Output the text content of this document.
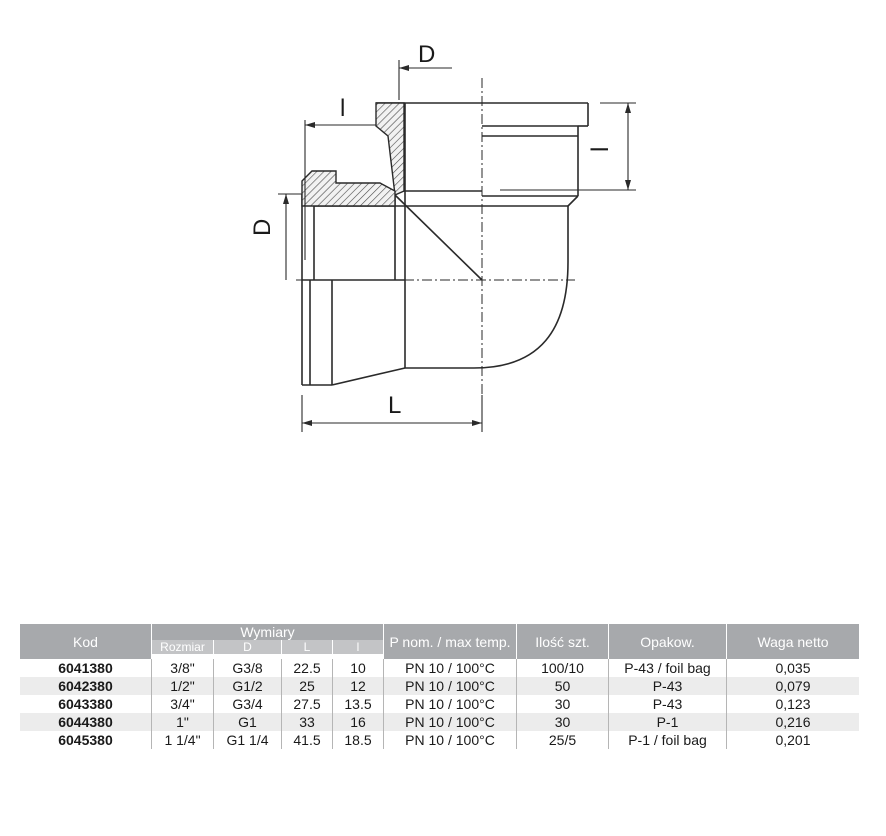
D
l
l
D
L
Kod
Wymiary
Rozmiar	D	L	l	P nom. / max temp.	Ilość szt.	Opakow.	Waga netto
6041380	3/8"	G3/8	22.5	10	PN 10 / 100°C	100/10	P-43 / foil bag	0,035
6042380	1/2"	G1/2	25	12	PN 10 / 100°C	50	P-43	0,079
6043380	3/4"	G3/4	27.5	13.5	PN 10 / 100°C	30	P-43	0,123
6044380	1"	G1	33	16	PN 10 / 100°C	30	P-1	0,216
6045380	1 1/4"	G1 1/4	41.5	18.5	PN 10 / 100°C	25/5	P-1 / foil bag	0,201
